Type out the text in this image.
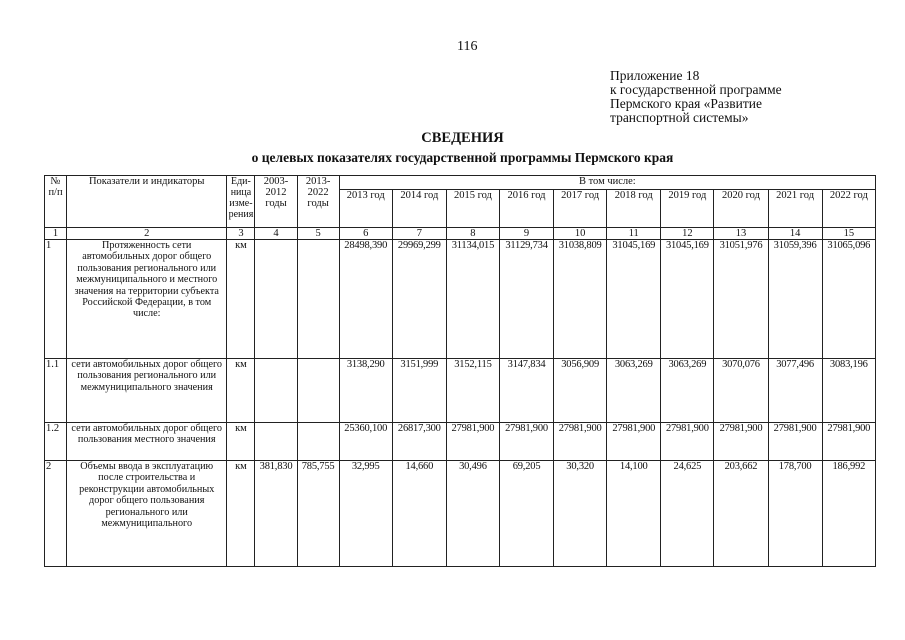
116
Приложение 18
к государственной программе
Пермского края «Развитие
транспортной системы»
СВЕДЕНИЯ
о целевых показателях государственной программы Пермского края
№ п/п	Показатели и индикаторы	Еди-ница изме-рения	2003-2012 годы	2013-2022 годы	В том числе:									
					2013 год	2014 год	2015 год	2016 год	2017 год	2018 год	2019 год	2020 год	2021 год	2022 год
1	2	3	4	5	6	7	8	9	10	11	12	13	14	15
1	Протяженность сети автомобильных дорог общего пользования регионального или межмуниципального и местного значения на территории субъекта Российской Федерации, в том числе:	км			28498,390	29969,299	31134,015	31129,734	31038,809	31045,169	31045,169	31051,976	31059,396	31065,096
1.1	сети автомобильных дорог общего пользования регионального или межмуниципального значения	км			3138,290	3151,999	3152,115	3147,834	3056,909	3063,269	3063,269	3070,076	3077,496	3083,196
1.2	сети автомобильных дорог общего пользования местного значения	км			25360,100	26817,300	27981,900	27981,900	27981,900	27981,900	27981,900	27981,900	27981,900	27981,900
2	Объемы ввода в эксплуатацию после строительства и реконструкции автомобильных дорог общего пользования регионального или межмуниципального	км	381,830	785,755	32,995	14,660	30,496	69,205	30,320	14,100	24,625	203,662	178,700	186,992
